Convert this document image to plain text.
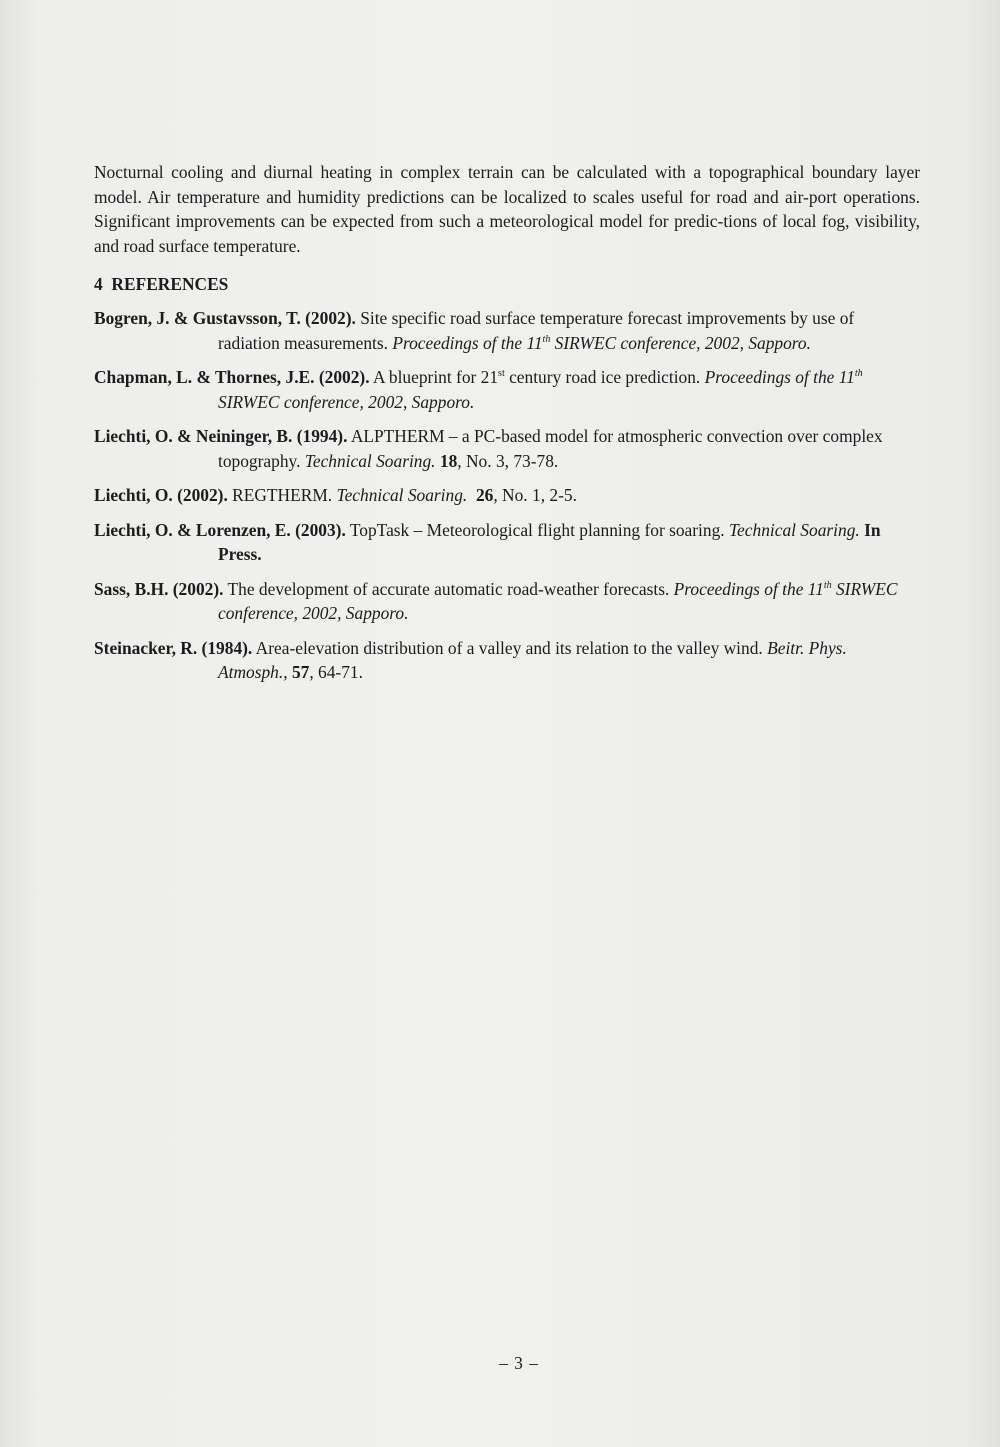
Nocturnal cooling and diurnal heating in complex terrain can be calculated with a topographical boundary layer model. Air temperature and humidity predictions can be localized to scales useful for road and air-port operations. Significant improvements can be expected from such a meteorological model for predic-tions of local fog, visibility, and road surface temperature.

4 REFERENCES

Bogren, J. & Gustavsson, T. (2002). Site specific road surface temperature forecast improvements by use of radiation measurements. Proceedings of the 11th SIRWEC conference, 2002, Sapporo.

Chapman, L. & Thornes, J.E. (2002). A blueprint for 21st century road ice prediction. Proceedings of the 11th SIRWEC conference, 2002, Sapporo.

Liechti, O. & Neininger, B. (1994). ALPTHERM – a PC-based model for atmospheric convection over complex topography. Technical Soaring. 18, No. 3, 73-78.

Liechti, O. (2002). REGTHERM. Technical Soaring. 26, No. 1, 2-5.

Liechti, O. & Lorenzen, E. (2003). TopTask – Meteorological flight planning for soaring. Technical Soaring. In Press.

Sass, B.H. (2002). The development of accurate automatic road-weather forecasts. Proceedings of the 11th SIRWEC conference, 2002, Sapporo.

Steinacker, R. (1984). Area-elevation distribution of a valley and its relation to the valley wind. Beitr. Phys. Atmosph., 57, 64-71.

– 3 –
